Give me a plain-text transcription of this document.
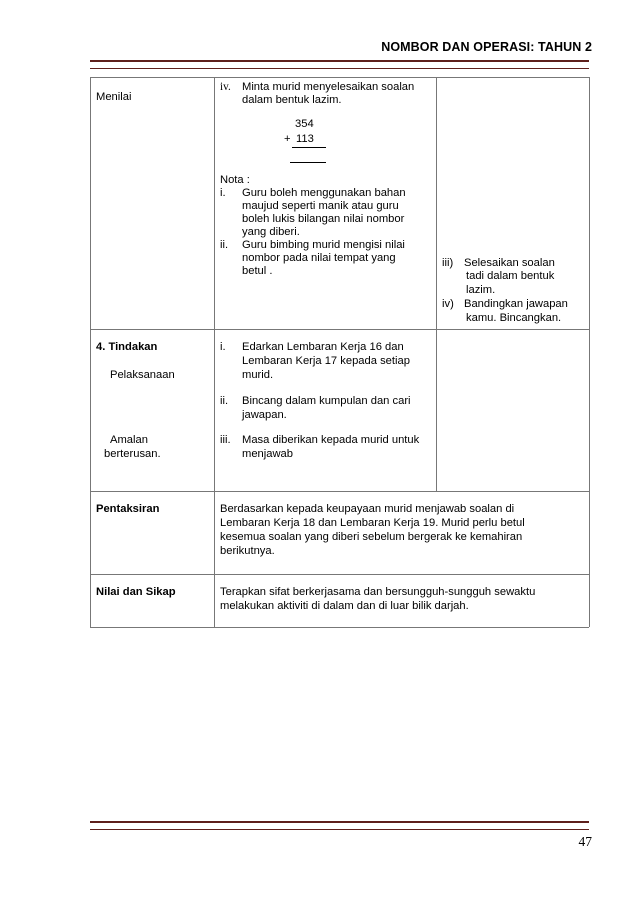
NOMBOR DAN OPERASI: TAHUN 2
Menilai
iv. Minta murid menyelesaikan soalan
dalam bentuk lazim.
354
+ 113
Nota :
i. Guru boleh menggunakan bahan
maujud seperti manik atau guru
boleh lukis bilangan nilai nombor
yang diberi.
ii. Guru bimbing murid mengisi nilai
nombor pada nilai tempat yang
betul .
iii) Selesaikan soalan
tadi dalam bentuk
lazim.
iv) Bandingkan jawapan
kamu. Bincangkan.
4. Tindakan
Pelaksanaan
Amalan
berterusan.
i. Edarkan Lembaran Kerja 16 dan
Lembaran Kerja 17 kepada setiap
murid.
ii. Bincang dalam kumpulan dan cari
jawapan.
iii. Masa diberikan kepada murid untuk
menjawab
Pentaksiran	Berdasarkan kepada keupayaan murid menjawab soalan di
Lembaran Kerja 18 dan Lembaran Kerja 19. Murid perlu betul
kesemua soalan yang diberi sebelum bergerak ke kemahiran
berikutnya.
Nilai dan Sikap	Terapkan sifat berkerjasama dan bersungguh-sungguh sewaktu
melakukan aktiviti di dalam dan di luar bilik darjah.
47
